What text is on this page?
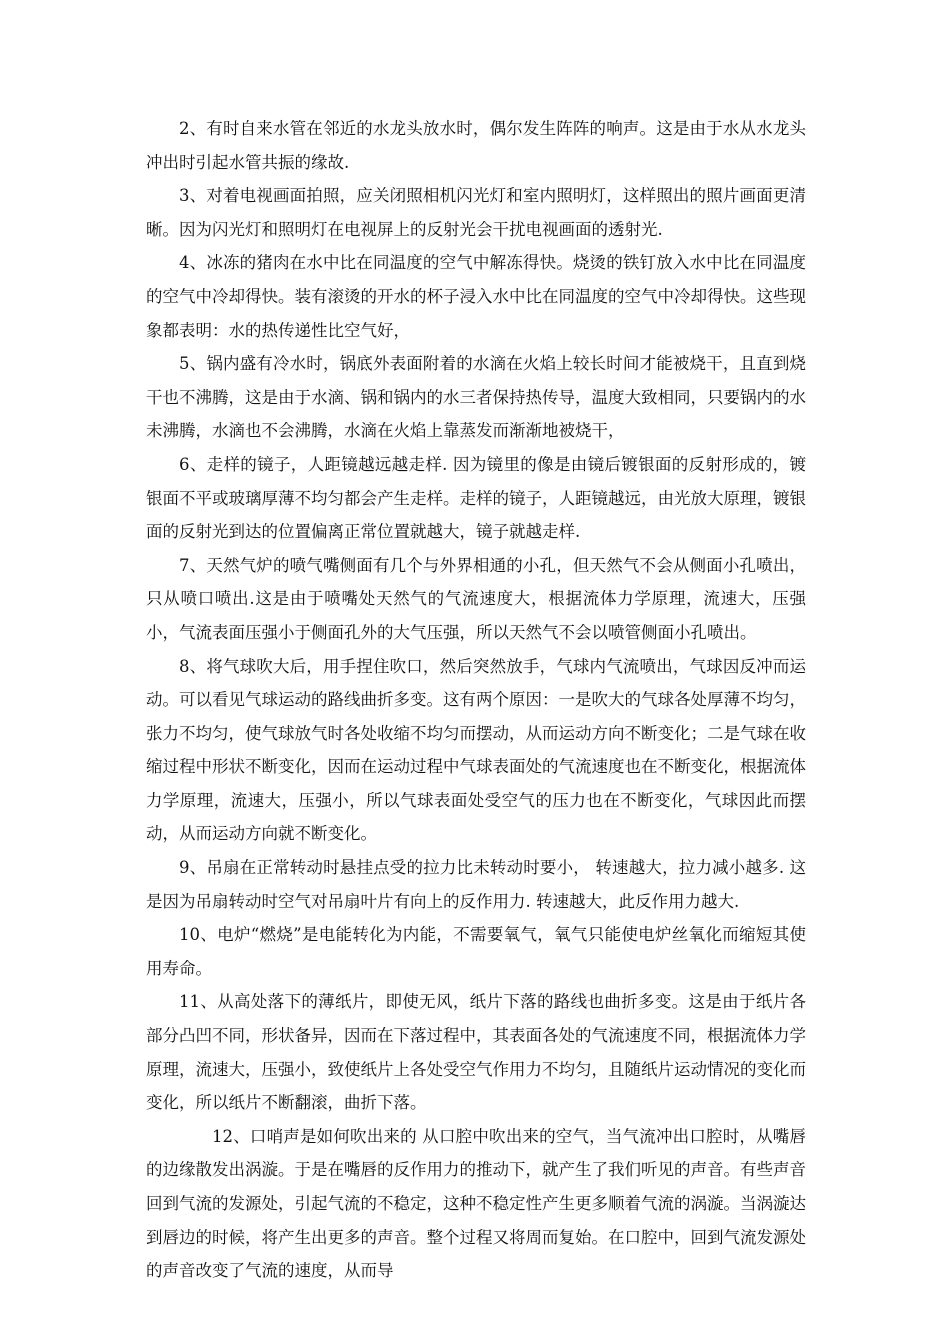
2、有时自来水管在邻近的水龙头放水时，偶尔发生阵阵的响声。这是由于水从水龙头冲出时引起水管共振的缘故.

3、对着电视画面拍照，应关闭照相机闪光灯和室内照明灯，这样照出的照片画面更清晰。因为闪光灯和照明灯在电视屏上的反射光会干扰电视画面的透射光.

4、冰冻的猪肉在水中比在同温度的空气中解冻得快。烧烫的铁钉放入水中比在同温度的空气中冷却得快。装有滚烫的开水的杯子浸入水中比在同温度的空气中冷却得快。这些现象都表明：水的热传递性比空气好，

5、锅内盛有冷水时，锅底外表面附着的水滴在火焰上较长时间才能被烧干，且直到烧干也不沸腾，这是由于水滴、锅和锅内的水三者保持热传导，温度大致相同，只要锅内的水未沸腾，水滴也不会沸腾，水滴在火焰上靠蒸发而渐渐地被烧干，

6、走样的镜子，人距镜越远越走样. 因为镜里的像是由镜后镀银面的反射形成的，镀银面不平或玻璃厚薄不均匀都会产生走样。走样的镜子，人距镜越远，由光放大原理，镀银面的反射光到达的位置偏离正常位置就越大，镜子就越走样.

7、天然气炉的喷气嘴侧面有几个与外界相通的小孔，但天然气不会从侧面小孔喷出， 只从喷口喷出.这是由于喷嘴处天然气的气流速度大，根据流体力学原理，流速大，压强小，气流表面压强小于侧面孔外的大气压强，所以天然气不会以喷管侧面小孔喷出。

8、将气球吹大后，用手捏住吹口，然后突然放手，气球内气流喷出，气球因反冲而运动。可以看见气球运动的路线曲折多变。这有两个原因：一是吹大的气球各处厚薄不均匀，张力不均匀，使气球放气时各处收缩不均匀而摆动，从而运动方向不断变化；二是气球在收缩过程中形状不断变化，因而在运动过程中气球表面处的气流速度也在不断变化，根据流体力学原理，流速大，压强小，所以气球表面处受空气的压力也在不断变化，气球因此而摆动，从而运动方向就不断变化。

9、吊扇在正常转动时悬挂点受的拉力比未转动时要小， 转速越大，拉力减小越多. 这是因为吊扇转动时空气对吊扇叶片有向上的反作用力. 转速越大，此反作用力越大.

10、电炉“燃烧”是电能转化为内能，不需要氧气，氧气只能使电炉丝氧化而缩短其使用寿命。

11、从高处落下的薄纸片，即使无风，纸片下落的路线也曲折多变。这是由于纸片各部分凸凹不同，形状备异，因而在下落过程中，其表面各处的气流速度不同，根据流体力学原理，流速大，压强小，致使纸片上各处受空气作用力不均匀，且随纸片运动情况的变化而变化，所以纸片不断翻滚，曲折下落。

12、口哨声是如何吹出来的 从口腔中吹出来的空气，当气流冲出口腔时，从嘴唇的边缘散发出涡漩。于是在嘴唇的反作用力的推动下，就产生了我们听见的声音。有些声音回到气流的发源处，引起气流的不稳定，这种不稳定性产生更多顺着气流的涡漩。当涡漩达到唇边的时候，将产生出更多的声音。整个过程又将周而复始。在口腔中，回到气流发源处的声音改变了气流的速度，从而导
